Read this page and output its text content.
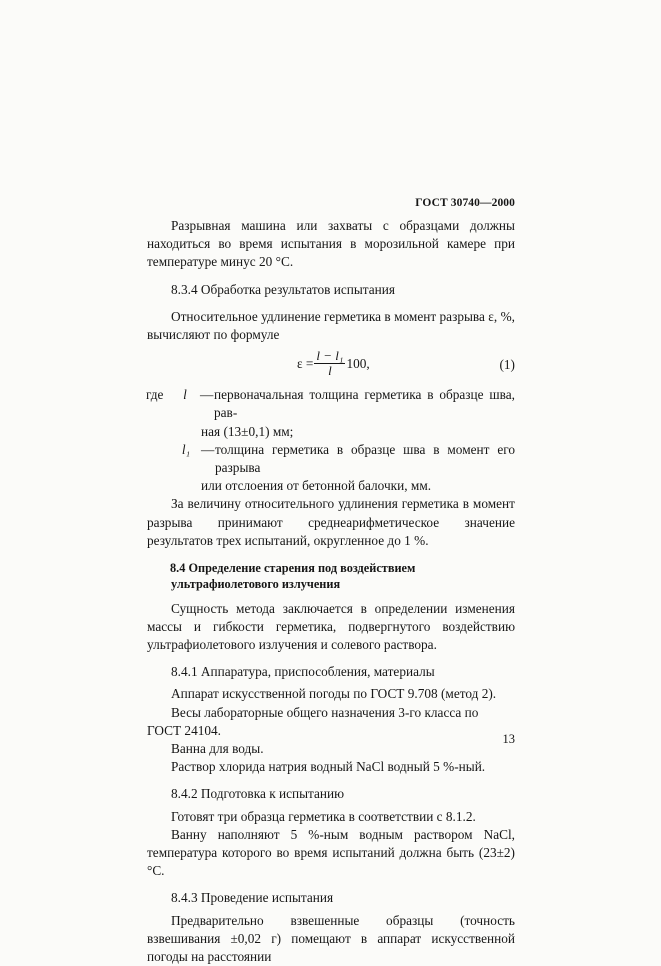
ГОСТ 30740—2000

Разрывная машина или захваты с образцами должны находиться во время испытания в морозильной камере при температуре минус 20 °С.

8.3.4 Обработка результатов испытания

Относительное удлинение герметика в момент разрыва ε, %, вычисляют по формуле

$\varepsilon = \frac{\text{l − l₁}}{l} 100$,	(1)
где	l — первоначальная толщина герметика в образце шва, рав-
ная (13±0,1) мм;
l₁ — толщина герметика в образце шва в момент его разрыва
или отслоения от бетонной балочки, мм.

За величину относительного удлинения герметика в момент разрыва принимают среднеарифметическое значение результатов трех испытаний, округленное до 1 %.

8.4 Определение старения под воздействием ультрафиолетового излучения

Сущность метода заключается в определении изменения массы и гибкости герметика, подвергнутого воздействию ультрафиолетового излучения и солевого раствора.

8.4.1 Аппаратура, приспособления, материалы

Аппарат искусственной погоды по ГОСТ 9.708 (метод 2).

Весы лабораторные общего назначения 3-го класса по ГОСТ 24104.

Ванна для воды.

Раствор хлорида натрия водный NaCl водный 5 %-ный.

8.4.2 Подготовка к испытанию

Готовят три образца герметика в соответствии с 8.1.2.

Ванну наполняют 5 %-ным водным раствором NaCl, температура которого во время испытаний должна быть (23±2) °С.

8.4.3 Проведение испытания

Предварительно взвешенные образцы (точность взвешивания ±0,02 г) помещают в аппарат искусственной погоды на расстоянии

13
